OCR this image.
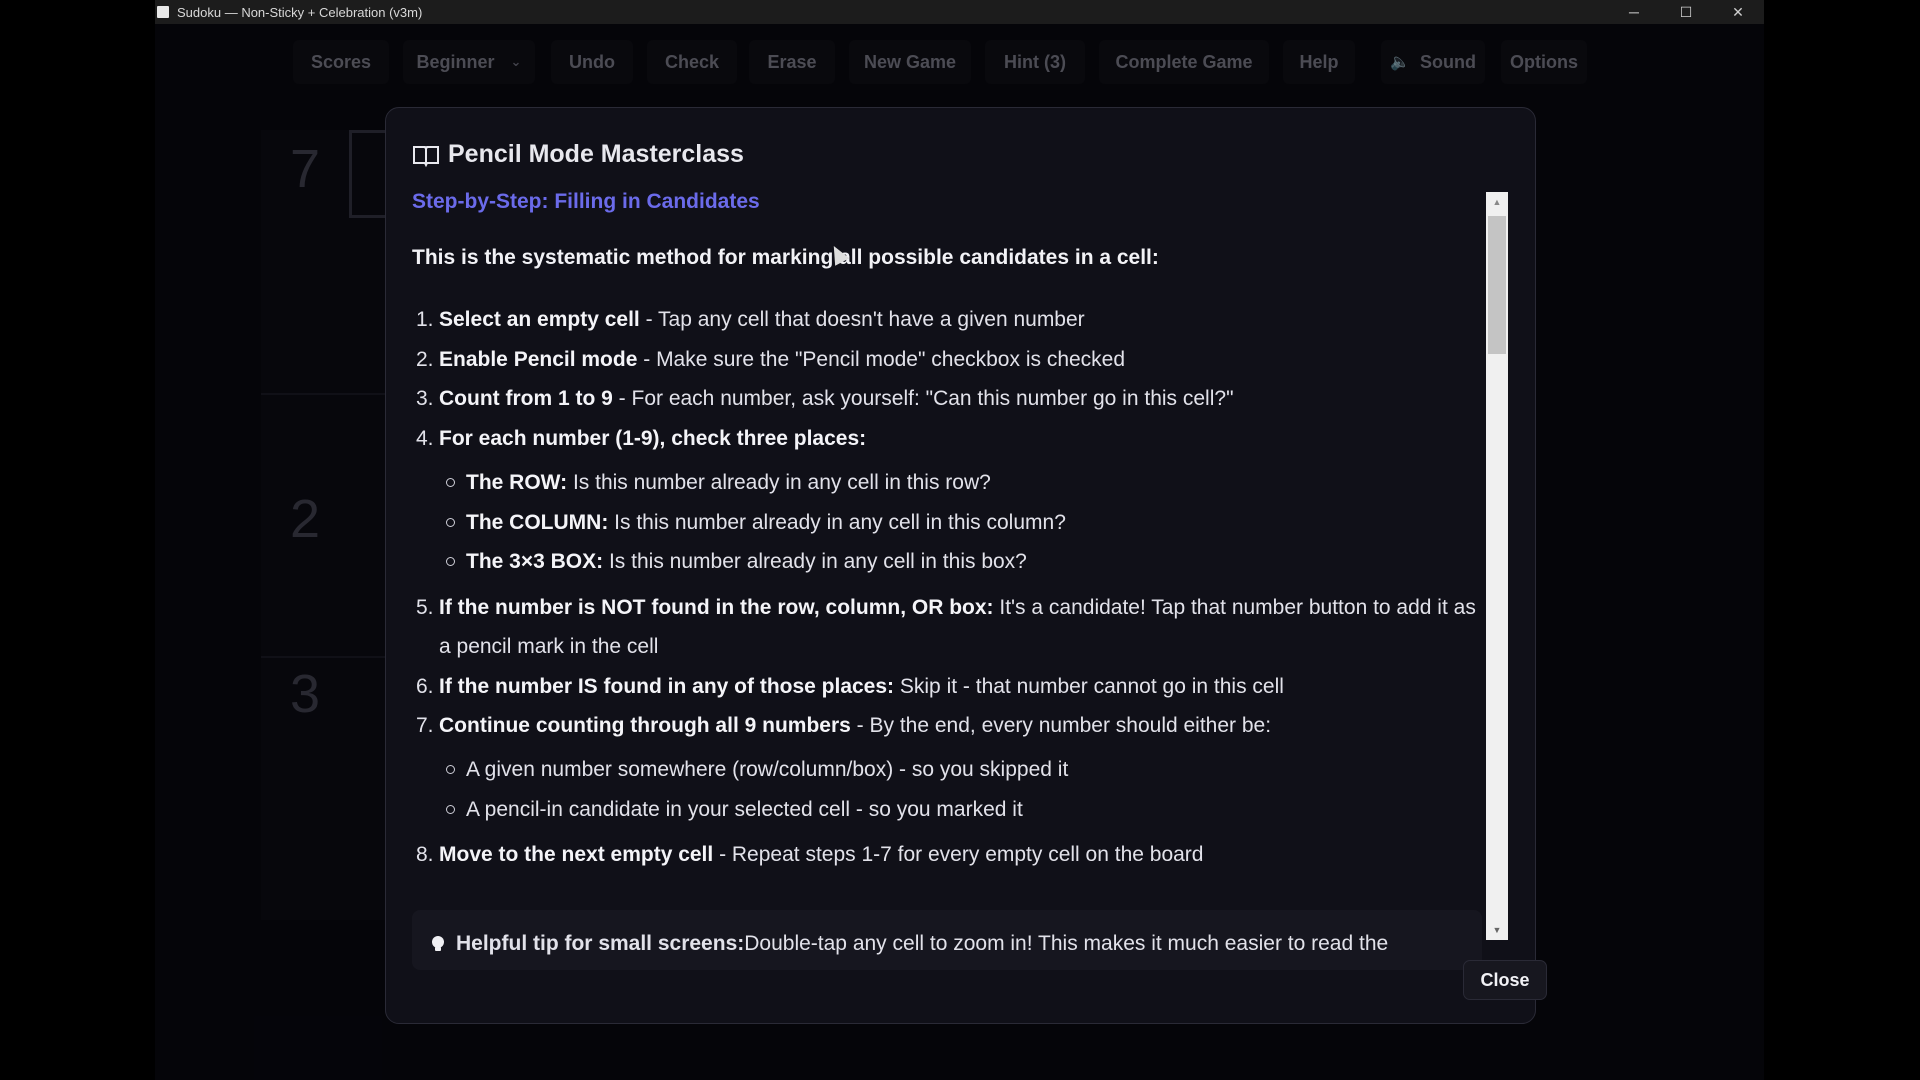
Sudoku — Non-Sticky + Celebration (v3m)	─	☐	✕
Scores	Beginner ⌄	Undo	Check	Erase	New Game	Hint (3)	Complete Game	Help	🔈 Sound Options
7
2
3
Pencil Mode Masterclass
Step-by-Step: Filling in Candidates
This is the systematic method for marking all possible candidates in a cell:
1. Select an empty cell - Tap any cell that doesn't have a given number
2. Enable Pencil mode - Make sure the "Pencil mode" checkbox is checked
3. Count from 1 to 9 - For each number, ask yourself: "Can this number go in this cell?"
4. For each number (1-9), check three places:
The ROW: Is this number already in any cell in this row?
The COLUMN: Is this number already in any cell in this column?
The 3×3 BOX: Is this number already in any cell in this box?
5. If the number is NOT found in the row, column, OR box: It's a candidate! Tap that number button to add it as a pencil mark in the cell
6. If the number IS found in any of those places: Skip it - that number cannot go in this cell
7. Continue counting through all 9 numbers - By the end, every number should either be:
A given number somewhere (row/column/box) - so you skipped it
A pencil-in candidate in your selected cell - so you marked it
8. Move to the next empty cell - Repeat steps 1-7 for every empty cell on the board
Helpful tip for small screens: Double-tap any cell to zoom in! This makes it much easier to read the
▲
▼
Close
